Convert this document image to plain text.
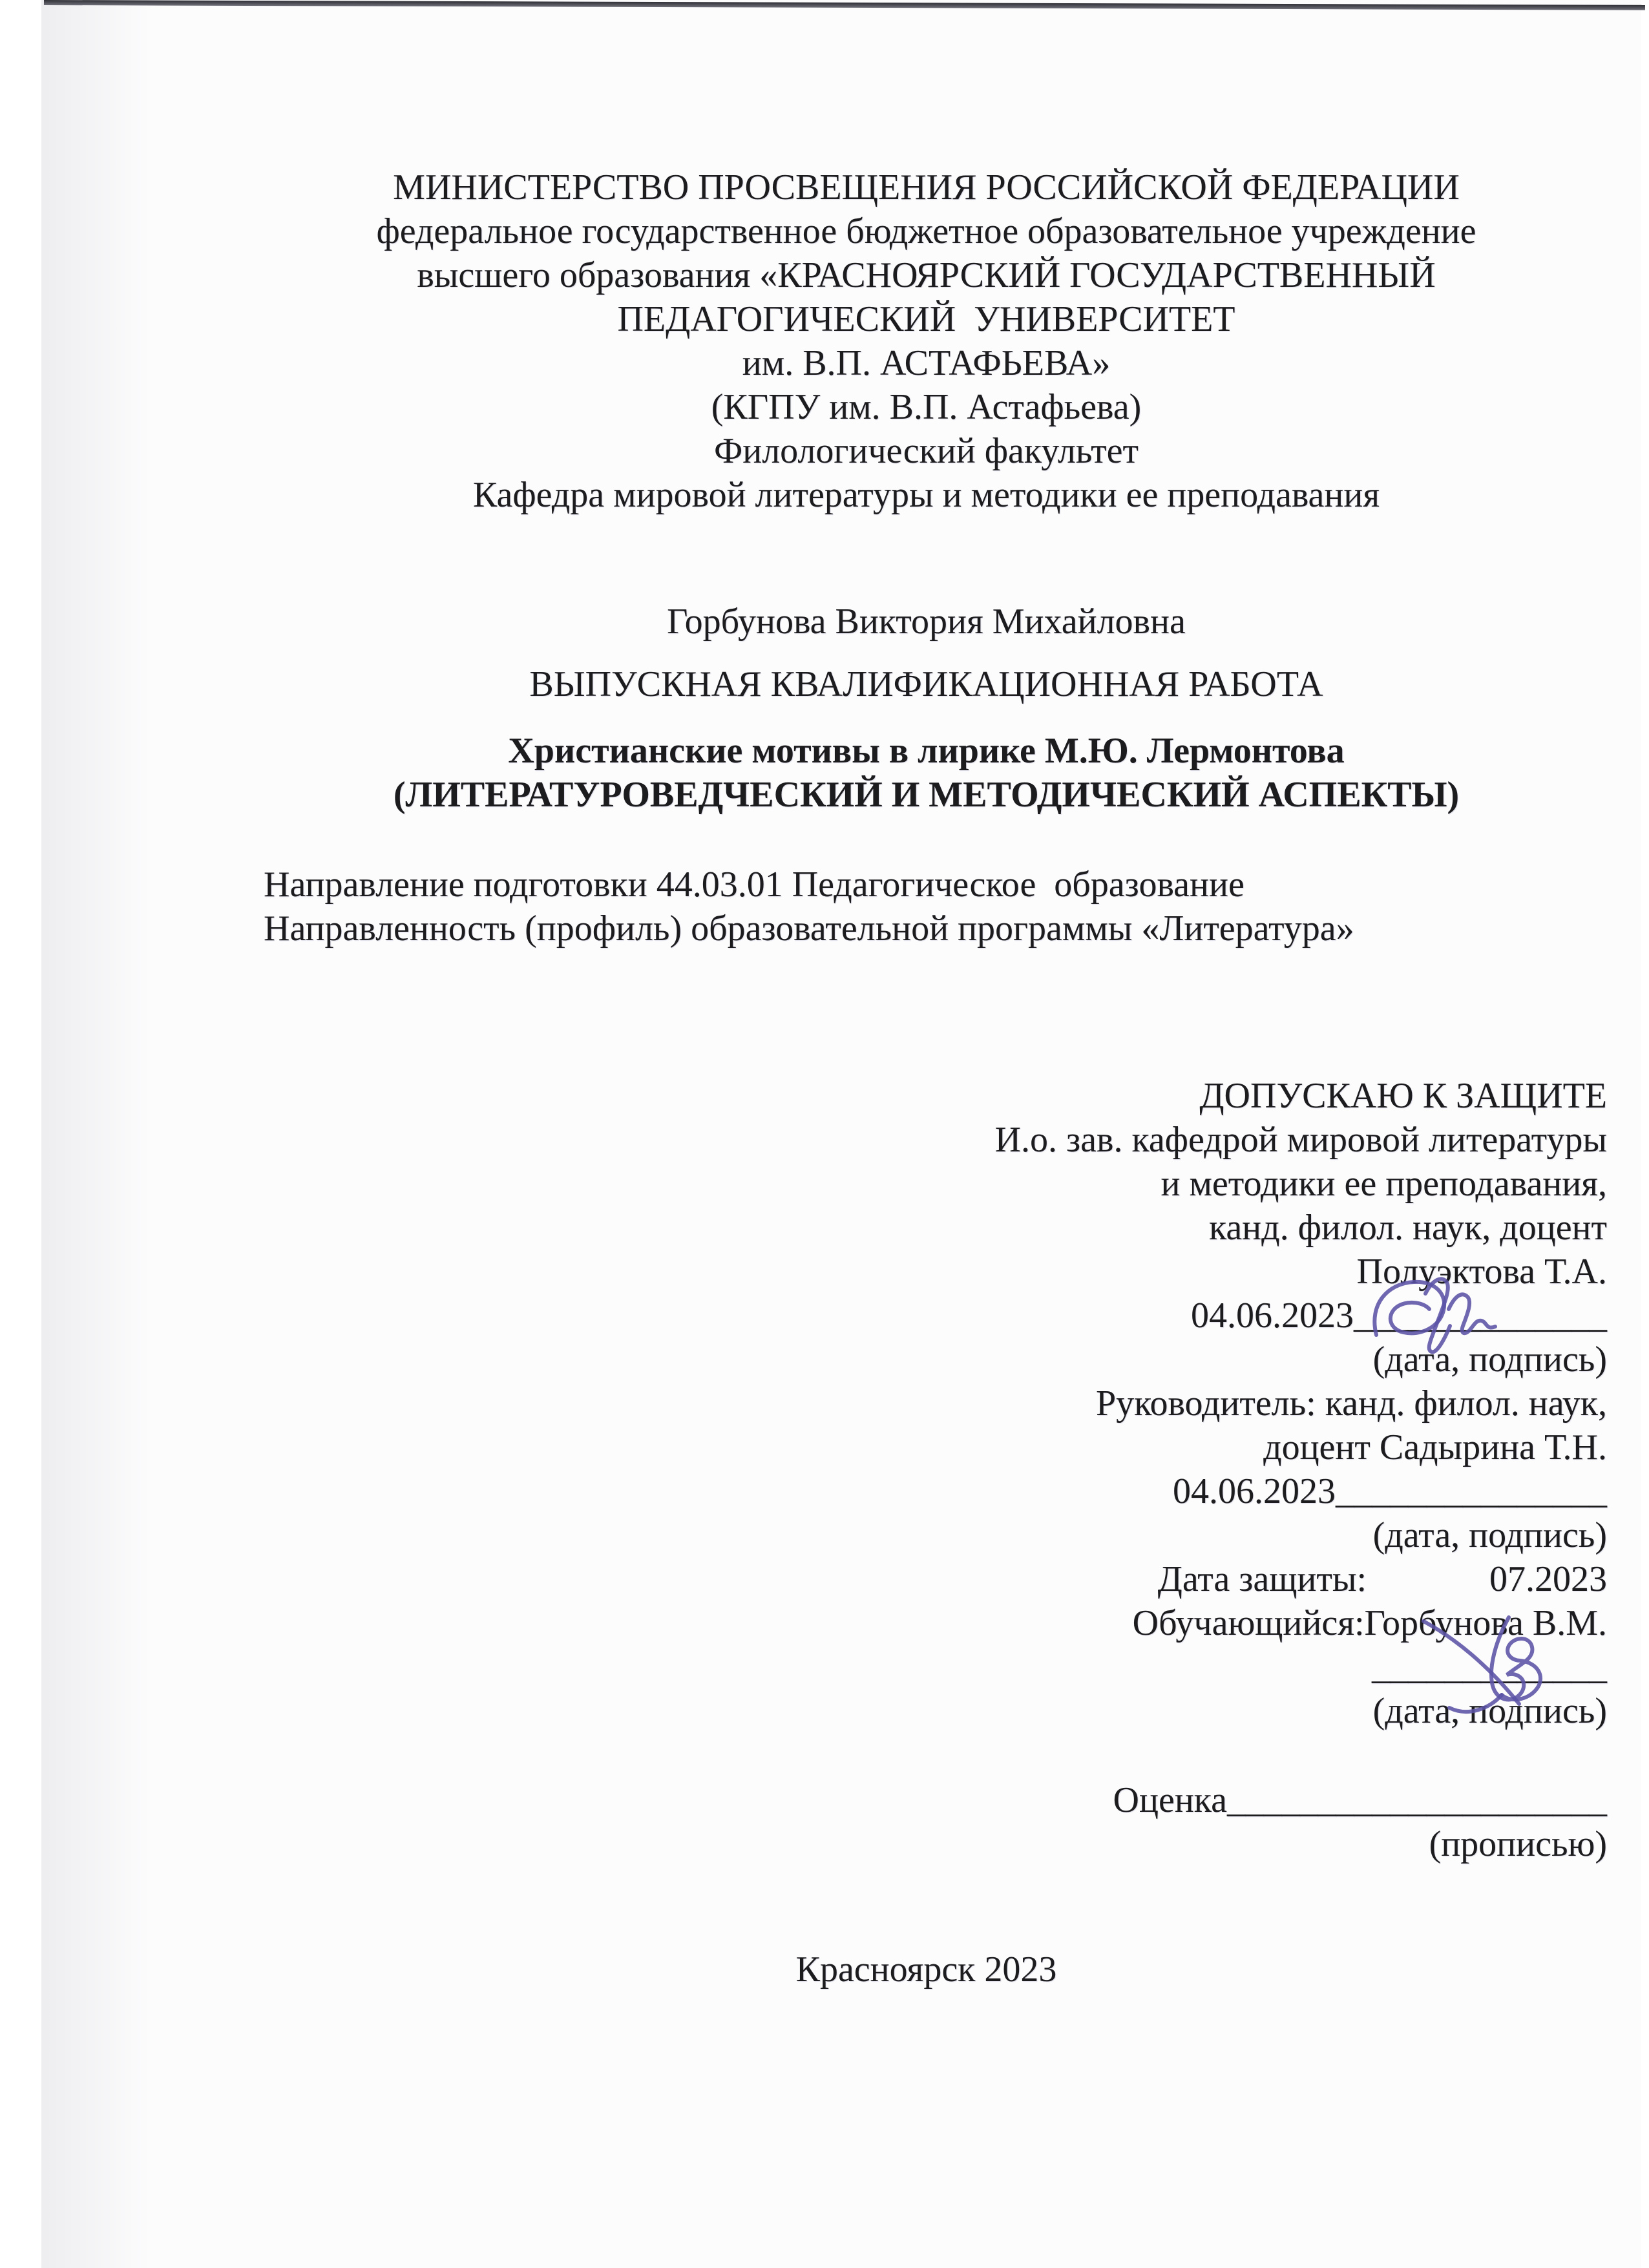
МИНИСТЕРСТВО ПРОСВЕЩЕНИЯ РОССИЙСКОЙ ФЕДЕРАЦИИ
федеральное государственное бюджетное образовательное учреждение
высшего образования «КРАСНОЯРСКИЙ ГОСУДАРСТВЕННЫЙ
ПЕДАГОГИЧЕСКИЙ  УНИВЕРСИТЕТ
им. В.П. АСТАФЬЕВА»
(КГПУ им. В.П. Астафьева)
Филологический факультет
Кафедра мировой литературы и методики ее преподавания
Горбунова Виктория Михайловна
ВЫПУСКНАЯ КВАЛИФИКАЦИОННАЯ РАБОТА
Христианские мотивы в лирике М.Ю. Лермонтова
(ЛИТЕРАТУРОВЕДЧЕСКИЙ И МЕТОДИЧЕСКИЙ АСПЕКТЫ)
Направление подготовки 44.03.01 Педагогическое  образование
Направленность (профиль) образовательной программы «Литература»
ДОПУСКАЮ К ЗАЩИТЕ
И.о. зав. кафедрой мировой литературы
и методики ее преподавания,
канд. филол. наук, доцент
Полуэктова Т.А.
04.06.2023______________
(дата, подпись)
Руководитель: канд. филол. наук,
доцент Садырина Т.Н.
04.06.2023_______________
(дата, подпись)
Дата защиты:	07.2023
Обучающийся:Горбунова В.М.
_____________
(дата, подпись)
Оценка_____________________
(прописью)
Красноярск 2023
